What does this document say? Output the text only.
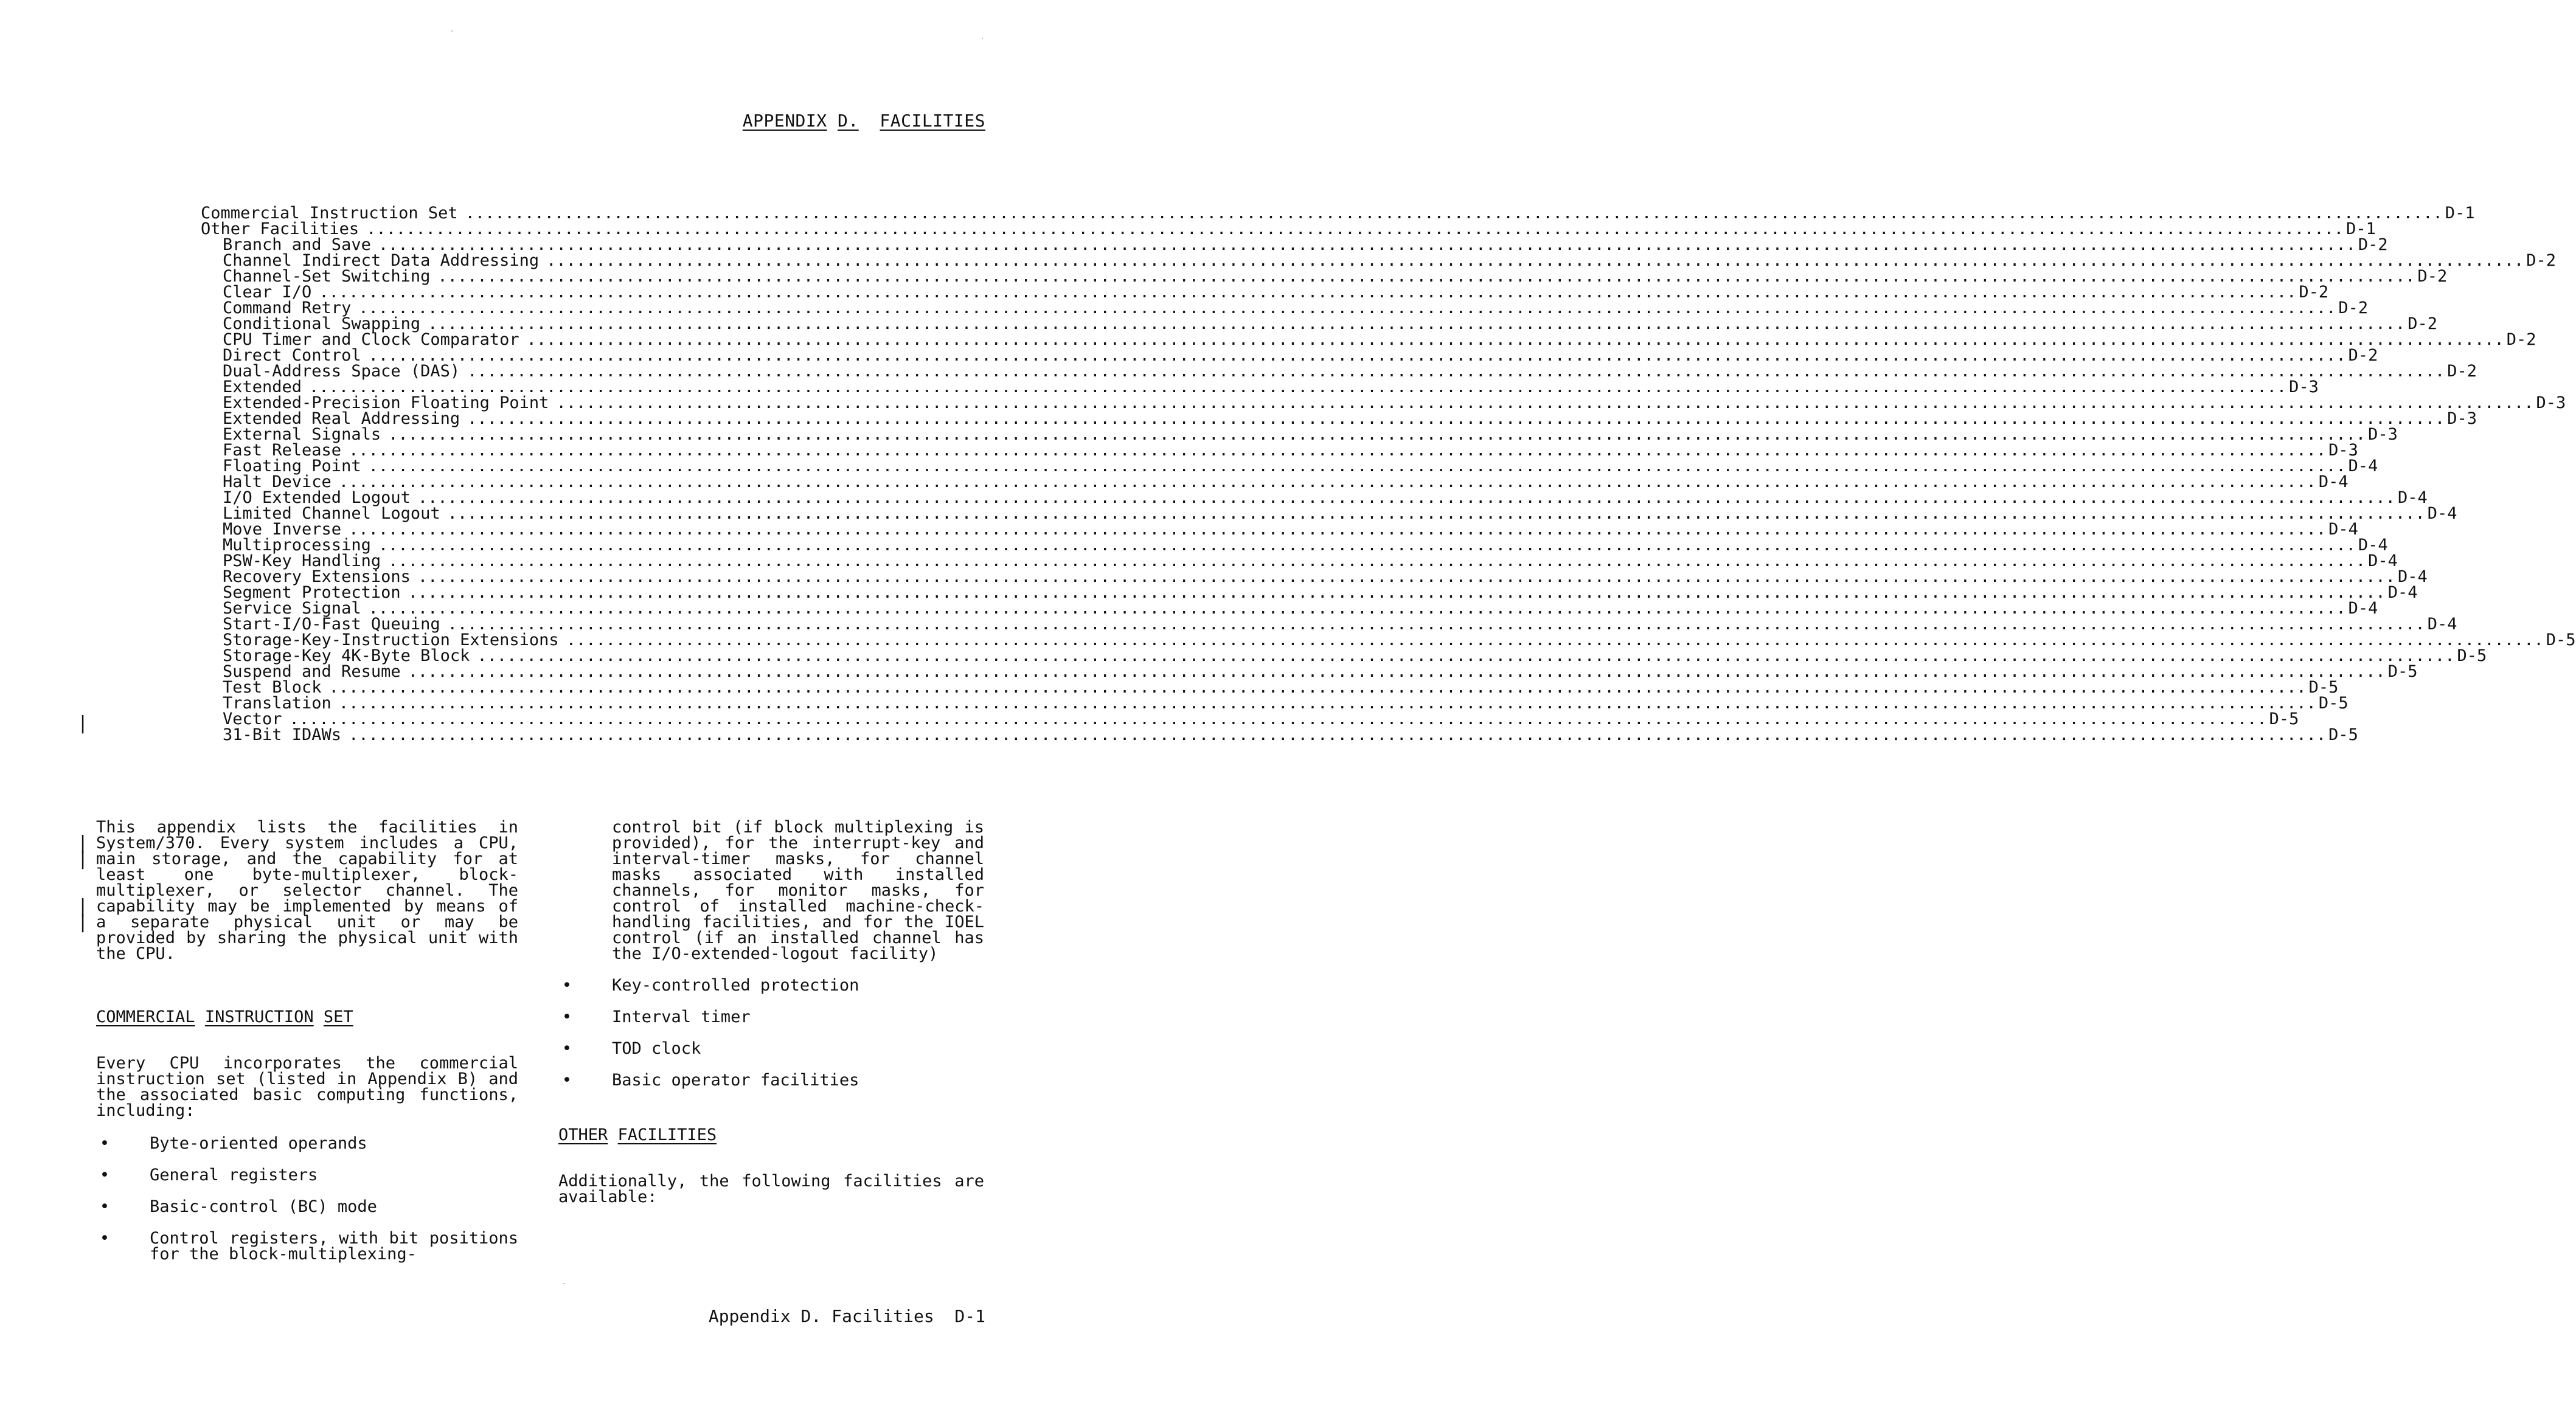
APPENDIX D. FACILITIES
Commercial Instruction Set ........................................................................................................................................................................................................ D-1
Other Facilities ........................................................................................................................................................................................................ D-1
Branch and Save ........................................................................................................................................................................................................ D-2
Channel Indirect Data Addressing ........................................................................................................................................................................................................ D-2
Channel-Set Switching ........................................................................................................................................................................................................ D-2
Clear I/O ........................................................................................................................................................................................................ D-2
Command Retry ........................................................................................................................................................................................................ D-2
Conditional Swapping ........................................................................................................................................................................................................ D-2
CPU Timer and Clock Comparator ........................................................................................................................................................................................................ D-2
Direct Control ........................................................................................................................................................................................................ D-2
Dual-Address Space (DAS) ........................................................................................................................................................................................................ D-2
Extended ........................................................................................................................................................................................................ D-3
Extended-Precision Floating Point ........................................................................................................................................................................................................ D-3
Extended Real Addressing ........................................................................................................................................................................................................ D-3
External Signals ........................................................................................................................................................................................................ D-3
Fast Release ........................................................................................................................................................................................................ D-3
Floating Point ........................................................................................................................................................................................................ D-4
Halt Device ........................................................................................................................................................................................................ D-4
I/O Extended Logout ........................................................................................................................................................................................................ D-4
Limited Channel Logout ........................................................................................................................................................................................................ D-4
Move Inverse ........................................................................................................................................................................................................ D-4
Multiprocessing ........................................................................................................................................................................................................ D-4
PSW-Key Handling ........................................................................................................................................................................................................ D-4
Recovery Extensions ........................................................................................................................................................................................................ D-4
Segment Protection ........................................................................................................................................................................................................ D-4
Service Signal ........................................................................................................................................................................................................ D-4
Start-I/O-Fast Queuing ........................................................................................................................................................................................................ D-4
Storage-Key-Instruction Extensions ........................................................................................................................................................................................................ D-5
Storage-Key 4K-Byte Block ........................................................................................................................................................................................................ D-5
Suspend and Resume ........................................................................................................................................................................................................ D-5
Test Block ........................................................................................................................................................................................................ D-5
Translation ........................................................................................................................................................................................................ D-5
Vector ........................................................................................................................................................................................................ D-5
31-Bit IDAWs ........................................................................................................................................................................................................ D-5
|
|
|
|
|

This appendix lists the facilities in System/370. Every system includes a CPU, main storage, and the capability for at least one byte-multiplexer, block-multiplexer, or selector channel. The capability may be implemented by means of a separate physical unit or may be provided by sharing the physical unit with the CPU.

COMMERCIAL INSTRUCTION SET

Every CPU incorporates the commercial instruction set (listed in Appendix B) and the associated basic computing functions, including:

• Byte-oriented operands
• General registers
• Basic-control (BC) mode
• Control registers, with bit positions for the block-multiplexing-

control bit (if block multiplexing is provided), for the interrupt-key and interval-timer masks, for channel masks associated with installed channels, for monitor masks, for control of installed machine-check-handling facilities, and for the IOEL control (if an installed channel has the I/O-extended-logout facility)

• Key-controlled protection
• Interval timer
• TOD clock
• Basic operator facilities

OTHER FACILITIES

Additionally, the following facilities are available:

Appendix D. Facilities  D-1
